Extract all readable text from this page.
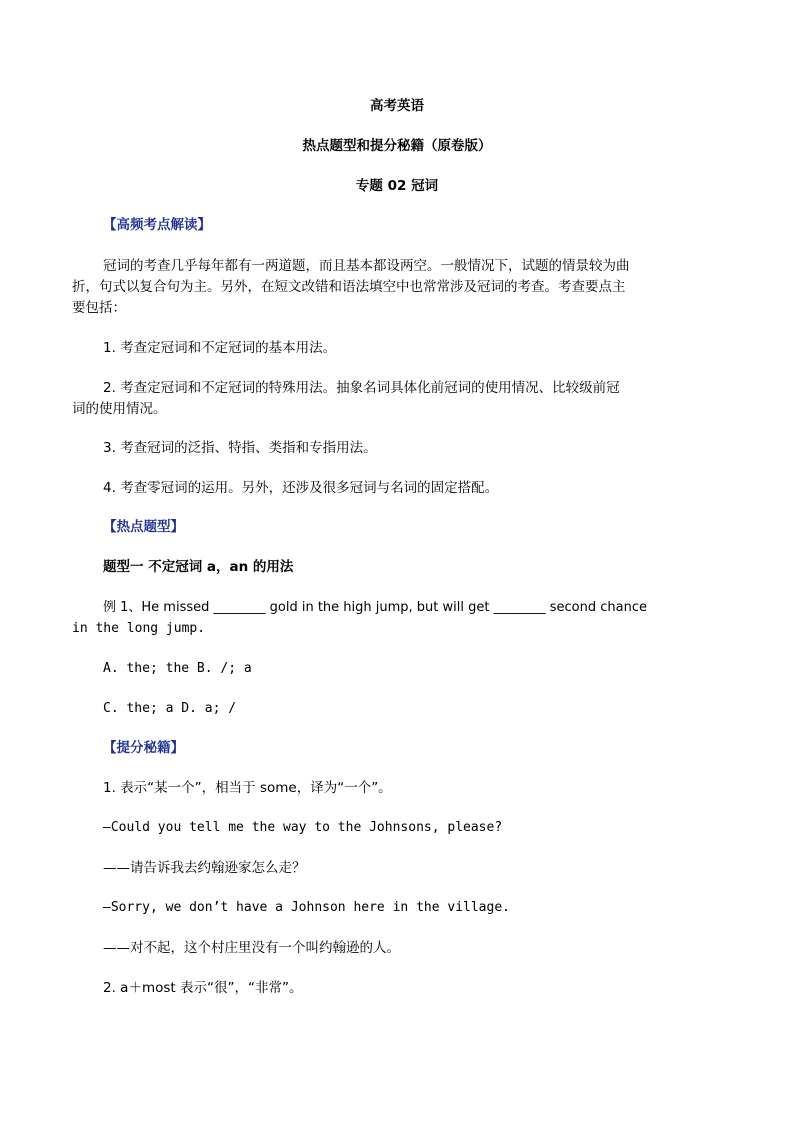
高考英语

热点题型和提分秘籍（原卷版）

专题 02 冠词

【高频考点解读】

冠词的考查几乎每年都有一两道题，而且基本都设两空。一般情况下，试题的情景较为曲

折，句式以复合句为主。另外，在短文改错和语法填空中也常常涉及冠词的考查。考查要点主

要包括：

1. 考查定冠词和不定冠词的基本用法。

2. 考查定冠词和不定冠词的特殊用法。抽象名词具体化前冠词的使用情况、比较级前冠

词的使用情况。

3. 考查冠词的泛指、特指、类指和专指用法。

4. 考查零冠词的运用。另外，还涉及很多冠词与名词的固定搭配。

【热点题型】

题型一 不定冠词 a，an 的用法

例 1、He missed ________ gold in the high jump, but will get ________ second chance

in the long jump.

A. the; the B. /; a

C. the; a D. a; /

【提分秘籍】

1. 表示“某一个”，相当于 some，译为“一个”。

—Could you tell me the way to the Johnsons, please?

——请告诉我去约翰逊家怎么走？

—Sorry, we don’t have a Johnson here in the village.

——对不起，这个村庄里没有一个叫约翰逊的人。

2. a＋most 表示“很”，“非常”。
